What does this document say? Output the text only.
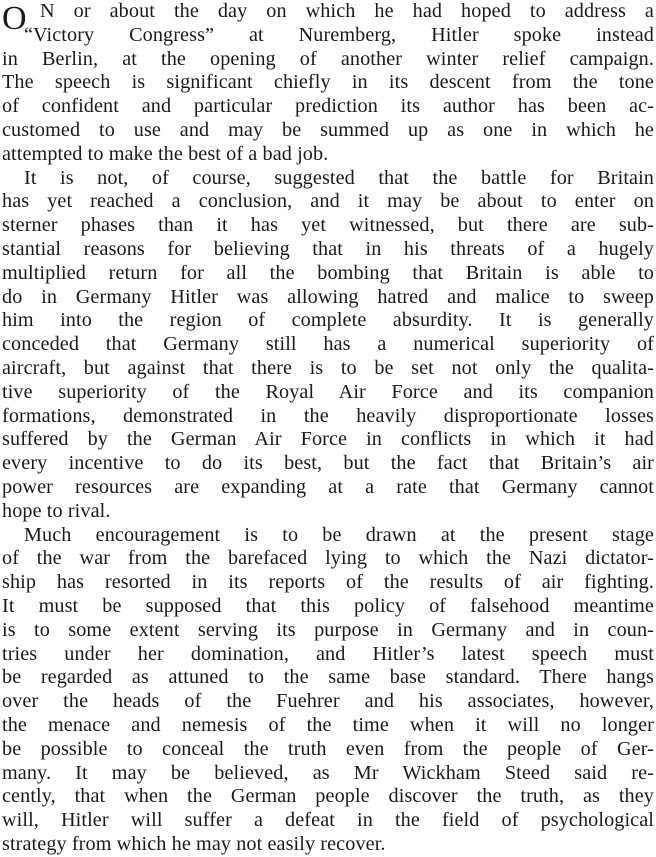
O N or about the day on which he had hoped to address a
“Victory Congress” at Nuremberg, Hitler spoke instead
in Berlin, at the opening of another winter relief campaign.
The speech is significant chiefly in its descent from the tone
of confident and particular prediction its author has been ac-
customed to use and may be summed up as one in which he
attempted to make the best of a bad job.
It is not, of course, suggested that the battle for Britain
has yet reached a conclusion, and it may be about to enter on
sterner phases than it has yet witnessed, but there are sub-
stantial reasons for believing that in his threats of a hugely
multiplied return for all the bombing that Britain is able to
do in Germany Hitler was allowing hatred and malice to sweep
him into the region of complete absurdity. It is generally
conceded that Germany still has a numerical superiority of
aircraft, but against that there is to be set not only the qualita-
tive superiority of the Royal Air Force and its companion
formations, demonstrated in the heavily disproportionate losses
suffered by the German Air Force in conflicts in which it had
every incentive to do its best, but the fact that Britain’s air
power resources are expanding at a rate that Germany cannot
hope to rival.
Much encouragement is to be drawn at the present stage
of the war from the barefaced lying to which the Nazi dictator-
ship has resorted in its reports of the results of air fighting.
It must be supposed that this policy of falsehood meantime
is to some extent serving its purpose in Germany and in coun-
tries under her domination, and Hitler’s latest speech must
be regarded as attuned to the same base standard. There hangs
over the heads of the Fuehrer and his associates, however,
the menace and nemesis of the time when it will no longer
be possible to conceal the truth even from the people of Ger-
many. It may be believed, as Mr Wickham Steed said re-
cently, that when the German people discover the truth, as they
will, Hitler will suffer a defeat in the field of psychological
strategy from which he may not easily recover.
